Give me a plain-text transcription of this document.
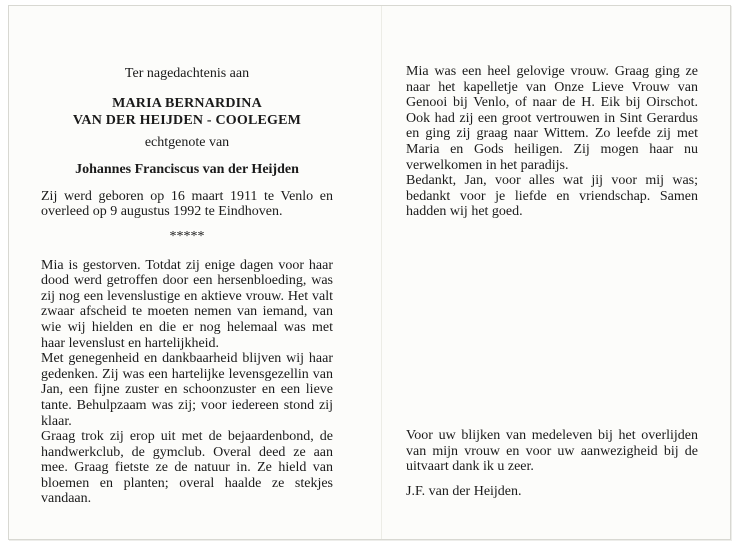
Ter nagedachtenis aan

MARIA BERNARDINA

VAN DER HEIJDEN - COOLEGEM

echtgenote van

Johannes Franciscus van der Heijden

Zij werd geboren op 16 maart 1911 te Venlo en overleed op 9 augustus 1992 te Eindhoven.

*****

Mia is gestorven. Totdat zij enige dagen voor haar dood werd getroffen door een hersenbloeding, was zij nog een levenslustige en aktieve vrouw. Het valt zwaar afscheid te moeten nemen van iemand, van wie wij hielden en die er nog helemaal was met haar levenslust en hartelijkheid.

Met genegenheid en dankbaarheid blijven wij haar gedenken. Zij was een hartelijke levensgezellin van Jan, een fijne zuster en schoonzuster en een lieve tante. Behulpzaam was zij; voor iedereen stond zij klaar.

Graag trok zij erop uit met de bejaardenbond, de handwerkclub, de gymclub. Overal deed ze aan mee. Graag fietste ze de natuur in. Ze hield van bloemen en planten; overal haalde ze stekjes vandaan.

Mia was een heel gelovige vrouw. Graag ging ze naar het kapelletje van Onze Lieve Vrouw van Genooi bij Venlo, of naar de H. Eik bij Oirschot. Ook had zij een groot vertrouwen in Sint Gerardus en ging zij graag naar Wittem. Zo leefde zij met Maria en Gods heiligen. Zij mogen haar nu verwelkomen in het paradijs.

Bedankt, Jan, voor alles wat jij voor mij was; bedankt voor je liefde en vriendschap. Samen hadden wij het goed.

Voor uw blijken van medeleven bij het overlijden van mijn vrouw en voor uw aanwezigheid bij de uitvaart dank ik u zeer.

J.F. van der Heijden.
